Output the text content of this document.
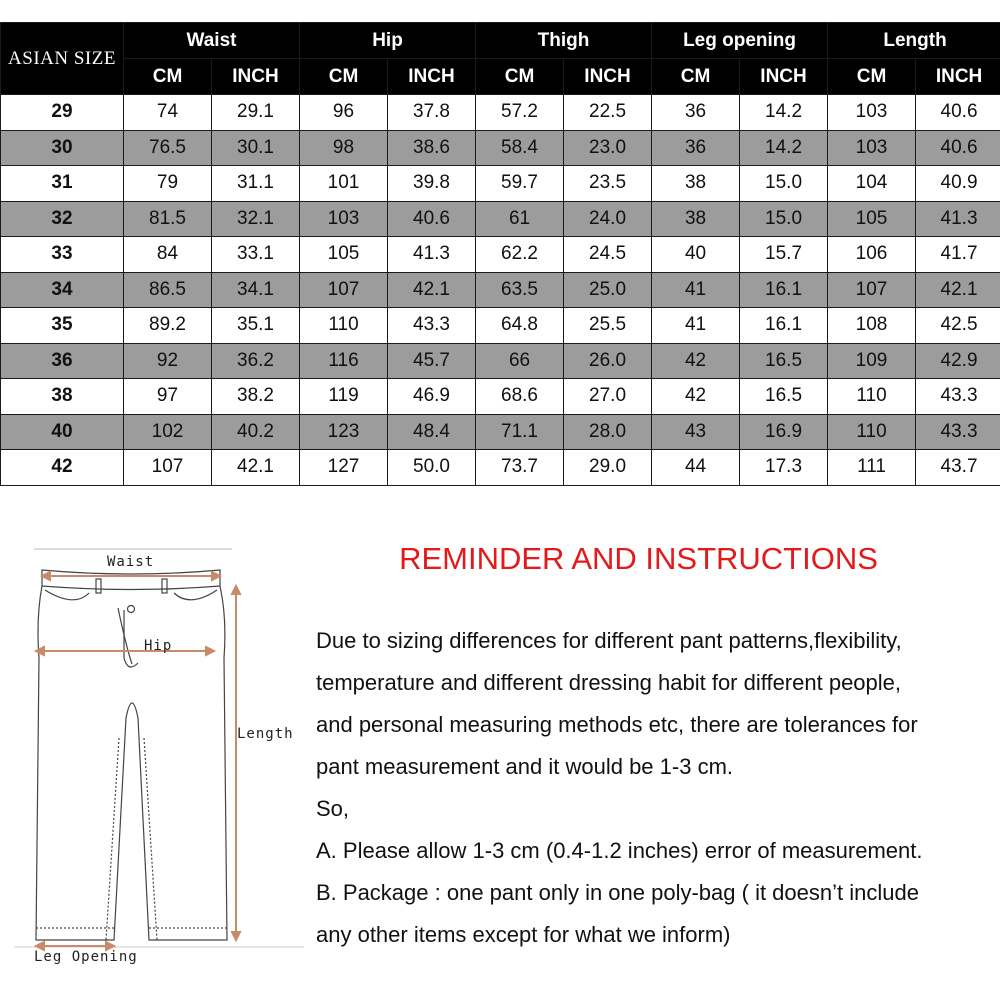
ASIAN SIZE	Waist		Hip		Thigh		Leg opening		Length	
	CM	INCH	CM	INCH	CM	INCH	CM	INCH	CM	INCH
29	74	29.1	96	37.8	57.2	22.5	36	14.2	103	40.6
30	76.5	30.1	98	38.6	58.4	23.0	36	14.2	103	40.6
31	79	31.1	101	39.8	59.7	23.5	38	15.0	104	40.9
32	81.5	32.1	103	40.6	61	24.0	38	15.0	105	41.3
33	84	33.1	105	41.3	62.2	24.5	40	15.7	106	41.7
34	86.5	34.1	107	42.1	63.5	25.0	41	16.1	107	42.1
35	89.2	35.1	110	43.3	64.8	25.5	41	16.1	108	42.5
36	92	36.2	116	45.7	66	26.0	42	16.5	109	42.9
38	97	38.2	119	46.9	68.6	27.0	42	16.5	110	43.3
40	102	40.2	123	48.4	71.1	28.0	43	16.9	110	43.3
42	107	42.1	127	50.0	73.7	29.0	44	17.3	111	43.7
Waist
Hip
Length
Leg Opening
REMINDER AND INSTRUCTIONS

Due to sizing differences for different pant patterns,flexibility,

temperature and different dressing habit for different people,

and personal measuring methods etc, there are tolerances for

pant measurement and it would be 1-3 cm.

So,

A. Please allow 1-3 cm (0.4-1.2 inches) error of measurement.

B. Package : one pant only in one poly-bag ( it doesn’t include

any other items except for what we inform)
